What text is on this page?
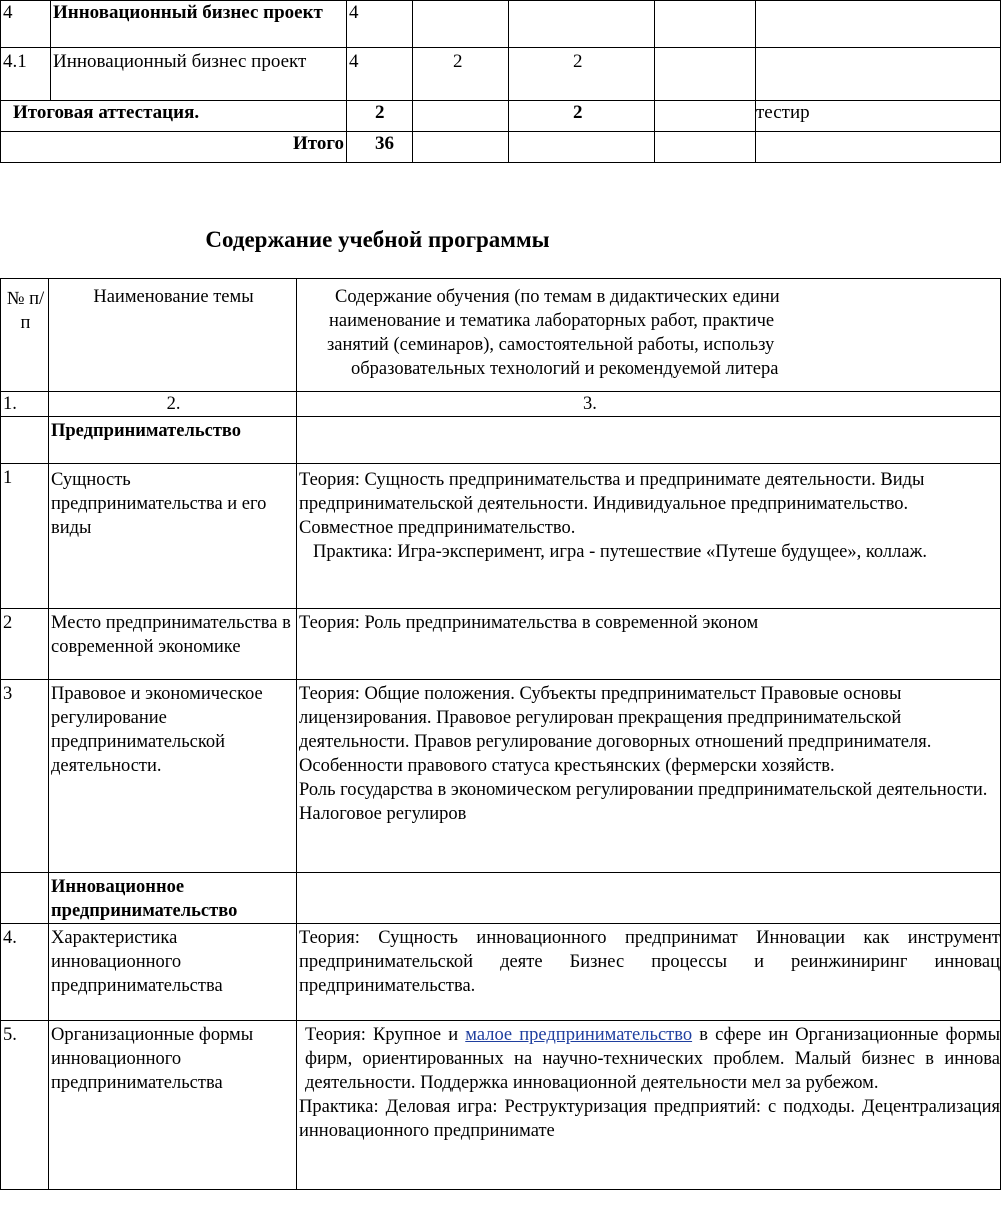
4	Инновационный бизнес проект	4				
4.1	Инновационный бизнес проект	4	2	2		
Итоговая аттестация.		2		2		тестир
Итого		36				
Содержание учебной программы
№ п/п	Наименование темы	Содержание обучения (по темам в дидактических едини
наименование и тематика лабораторных работ, практиче
занятий (семинаров), самостоятельной работы, использу
образовательных технологий и рекомендуемой литера

1.	2.	3.
	Предпринимательство	
1	Сущность предпринимательства и его виды	Теория: Сущность предпринимательства и предпринимате деятельности. Виды предпринимательской деятельности. Индивидуальное предпринимательство. Совместное предпринимательство.
Практика: Игра-эксперимент, игра - путешествие «Путеше будущее», коллаж.

2	Место предпринимательства в современной экономике	Теория: Роль предпринимательства в современной эконом
3	Правовое и экономическое регулирование предпринимательской деятельности.	Теория: Общие положения. Субъекты предпринимательст Правовые основы лицензирования. Правовое регулирован прекращения предпринимательской деятельности. Правов регулирование договорных отношений предпринимателя. Особенности правового статуса крестьянских (фермерски хозяйств.
Роль государства в экономическом регулировании предпринимательской деятельности. Налоговое регулиров

	Инновационное предпринимательство	
4.	Характеристика инновационного предпринимательства	Теория: Сущность инновационного предпринимат Инновации как инструмент предпринимательской деяте Бизнес процессы и реинжиниринг инновац предпринимательства.
5.	Организационные формы инновационного предпринимательства	Теория: Крупное и малое предпринимательство в сфере ин Организационные формы фирм, ориентированных на научно-технических проблем. Малый бизнес в иннова деятельности. Поддержка инновационной деятельности мел за рубежом.
Практика: Деловая игра: Реструктуризация предприятий: с подходы. Децентрализация инновационного предпринимате
